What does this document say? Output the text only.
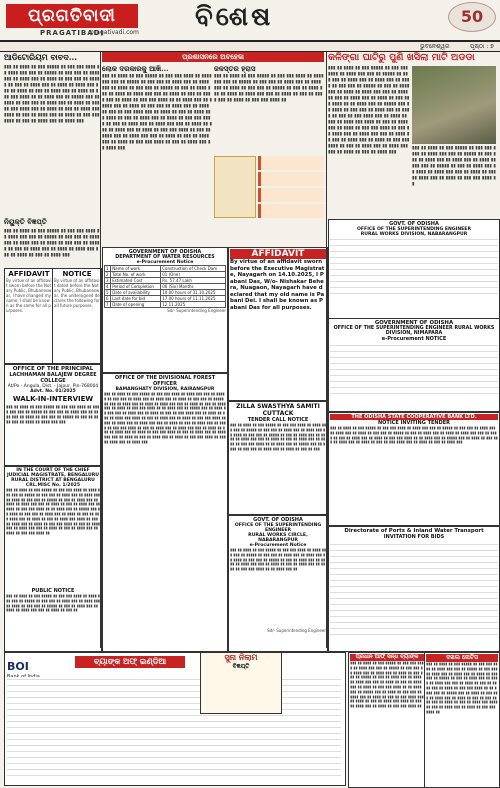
ପ୍ରଗତିବାଦୀ
PRAGATIBADI
pragativadi.com
ବିଶେଷ	50
ଭୁବନେଶ୍ୱର	ପୃଷ୍ଠା : ୭
ଆଡିଟୋରିୟମ ବାବଦ...
▮▮▮ ▮▮ ▮▮▮▮ ▮▮ ▮▮▮ ▮▮▮▮▮ ▮▮ ▮▮▮ ▮▮▮ ▮▮▮▮ ▮▮ ▮▮▮▮ ▮▮▮ ▮▮▮ ▮▮ ▮▮▮▮▮ ▮▮ ▮▮▮ ▮▮▮ ▮▮ ▮▮▮▮ ▮▮▮ ▮▮ ▮▮▮▮ ▮▮▮ ▮▮ ▮▮▮▮ ▮▮ ▮▮▮ ▮▮▮ ▮▮ ▮▮▮▮▮ ▮▮ ▮▮▮ ▮▮ ▮▮▮▮ ▮▮▮ ▮▮ ▮▮▮▮ ▮▮ ▮▮▮▮ ▮▮▮ ▮▮▮ ▮▮ ▮▮▮▮ ▮▮ ▮▮▮ ▮▮ ▮▮▮▮ ▮▮▮ ▮▮ ▮▮▮▮ ▮▮ ▮▮▮ ▮▮▮ ▮▮▮▮ ▮▮ ▮▮ ▮▮▮▮ ▮▮▮ ▮▮ ▮▮▮▮▮ ▮▮▮ ▮▮ ▮▮▮▮ ▮▮ ▮▮▮ ▮▮▮ ▮▮ ▮▮▮▮ ▮▮▮ ▮▮ ▮▮▮▮ ▮▮ ▮▮▮ ▮▮ ▮▮▮ ▮▮▮▮ ▮▮▮ ▮▮ ▮▮▮▮ ▮▮ ▮▮▮ ▮▮ ▮▮▮▮ ▮▮▮ ▮▮▮▮ ▮▮ ▮▮▮ ▮▮ ▮▮▮▮ ▮▮▮ ▮▮ ▮▮▮▮ ▮▮ ▮▮▮ ▮▮▮ ▮▮▮▮ ▮▮ ▮▮▮ ▮▮ ▮▮▮▮ ▮▮▮ ▮▮ ▮▮▮▮ ▮▮▮
ନିୟୁକ୍ତି ବିଜ୍ଞପ୍ତି
▮▮▮ ▮▮ ▮▮▮▮ ▮▮ ▮▮▮ ▮▮▮▮▮ ▮▮ ▮▮▮ ▮▮▮ ▮▮▮▮ ▮▮ ▮▮▮▮ ▮▮▮ ▮▮▮ ▮▮ ▮▮▮▮▮ ▮▮ ▮▮▮ ▮▮▮ ▮▮ ▮▮▮▮ ▮▮▮ ▮▮ ▮▮▮▮ ▮▮▮ ▮▮ ▮▮▮▮ ▮▮ ▮▮▮ ▮▮▮ ▮▮ ▮▮▮▮▮ ▮▮ ▮▮▮ ▮▮ ▮▮▮▮ ▮▮▮ ▮▮ ▮▮▮▮ ▮▮ ▮▮▮▮ ▮▮▮ ▮▮▮ ▮▮ ▮▮▮▮ ▮▮ ▮▮▮ ▮▮ ▮▮▮▮ ▮▮▮
AFFIDAVIT
By virtue of an affidavit sworn before the Notary Public, Bhubaneswar, I have changed my name. I shall be known as the same for all purposes.
NOTICE
By virtue of an affidavit dated before the Notary Public, Bhubaneswar, the undersigned declares the following for all future purposes.
OFFICE OF THE PRINCIPAL
LACHHAMAN BALAJEW DEGREE COLLEGE
At/Po - Angula, Dist. - Jajpur, Pin-768004
Advt. No. 01/2025
WALK-IN-INTERVIEW
▮▮▮ ▮▮ ▮▮▮▮ ▮▮ ▮▮▮ ▮▮▮▮▮ ▮▮ ▮▮▮ ▮▮▮ ▮▮▮▮ ▮▮ ▮▮▮▮ ▮▮▮ ▮▮▮ ▮▮ ▮▮▮▮▮ ▮▮ ▮▮▮ ▮▮▮ ▮▮ ▮▮▮▮ ▮▮▮ ▮▮ ▮▮▮▮ ▮▮▮ ▮▮ ▮▮▮▮ ▮▮ ▮▮▮ ▮▮▮ ▮▮ ▮▮▮▮▮ ▮▮ ▮▮▮ ▮▮ ▮▮▮▮ ▮▮▮ ▮▮ ▮▮▮▮ ▮▮ ▮▮▮▮ ▮▮▮ ▮▮▮
IN THE COURT OF THE CHIEF JUDICIAL MAGISTRATE, BENGALURU RURAL DISTRICT AT BENGALURU
CRL.MISC No. 1/2025
▮▮▮ ▮▮ ▮▮▮▮ ▮▮ ▮▮▮ ▮▮▮▮▮ ▮▮ ▮▮▮ ▮▮▮ ▮▮▮▮ ▮▮ ▮▮▮▮ ▮▮▮ ▮▮▮ ▮▮ ▮▮▮▮▮ ▮▮ ▮▮▮ ▮▮▮ ▮▮ ▮▮▮▮ ▮▮▮ ▮▮ ▮▮▮▮ ▮▮▮ ▮▮ ▮▮▮▮ ▮▮ ▮▮▮ ▮▮▮ ▮▮ ▮▮▮▮▮ ▮▮ ▮▮▮ ▮▮ ▮▮▮▮ ▮▮▮ ▮▮ ▮▮▮▮ ▮▮ ▮▮▮▮ ▮▮▮ ▮▮▮ ▮▮ ▮▮▮▮ ▮▮ ▮▮▮ ▮▮ ▮▮▮▮ ▮▮▮ ▮▮ ▮▮▮▮ ▮▮ ▮▮▮ ▮▮▮ ▮▮▮▮ ▮▮ ▮▮ ▮▮▮▮ ▮▮▮ ▮▮ ▮▮▮▮▮ ▮▮▮ ▮▮ ▮▮▮▮ ▮▮ ▮▮▮ ▮▮▮ ▮▮ ▮▮▮▮ ▮▮▮ ▮▮ ▮▮▮▮ ▮▮ ▮▮▮ ▮▮ ▮▮▮ ▮▮▮▮ ▮▮▮ ▮▮ ▮▮▮▮ ▮▮ ▮▮▮ ▮▮ ▮▮▮▮ ▮▮▮ ▮▮▮▮ ▮▮ ▮▮▮ ▮▮ ▮▮▮▮ ▮▮▮ ▮▮ ▮▮▮▮ ▮▮ ▮▮▮ ▮▮▮ ▮▮▮▮ ▮▮ ▮▮▮ ▮▮ ▮▮▮▮ ▮▮▮ ▮▮ ▮▮▮▮ ▮▮▮ ▮▮▮ ▮▮ ▮▮▮▮ ▮▮ ▮▮▮ ▮▮ ▮▮▮▮ ▮▮▮ ▮▮ ▮▮▮▮ ▮▮ ▮▮▮ ▮▮▮ ▮▮▮▮ ▮▮
PUBLIC NOTICE
▮▮▮ ▮▮ ▮▮▮▮ ▮▮ ▮▮▮ ▮▮▮▮▮ ▮▮ ▮▮▮ ▮▮▮ ▮▮▮▮ ▮▮ ▮▮▮▮ ▮▮▮ ▮▮▮ ▮▮ ▮▮▮▮▮ ▮▮ ▮▮▮ ▮▮▮ ▮▮ ▮▮▮▮ ▮▮▮ ▮▮ ▮▮▮▮ ▮▮▮ ▮▮ ▮▮▮▮ ▮▮ ▮▮▮ ▮▮▮ ▮▮ ▮▮▮▮▮ ▮▮ ▮▮▮ ▮▮ ▮▮▮▮ ▮▮▮ ▮▮ ▮▮▮▮ ▮▮ ▮▮▮▮ ▮▮▮ ▮▮▮ ▮▮ ▮▮▮▮ ▮▮ ▮▮▮ ▮▮
BOI	ବ୍ୟାଙ୍କ ଅଫ୍ ଇଣ୍ଡିଆ	ସୁନା ନିଲାମ
ବିଜ୍ଞପ୍ତି
ପ୍ରଶାସନରେ ଅବହେଳା
ଲୋକ ଦରକାରକୁ ଆଖି...
▮▮▮ ▮▮ ▮▮▮▮ ▮▮ ▮▮▮ ▮▮▮▮▮ ▮▮ ▮▮▮ ▮▮▮ ▮▮▮▮ ▮▮ ▮▮▮▮ ▮▮▮ ▮▮▮ ▮▮ ▮▮▮▮▮ ▮▮ ▮▮▮ ▮▮▮ ▮▮ ▮▮▮▮ ▮▮▮ ▮▮ ▮▮▮▮ ▮▮▮ ▮▮ ▮▮▮▮ ▮▮ ▮▮▮ ▮▮▮ ▮▮ ▮▮▮▮▮ ▮▮ ▮▮▮ ▮▮ ▮▮▮▮ ▮▮▮ ▮▮ ▮▮▮▮ ▮▮ ▮▮▮▮ ▮▮▮ ▮▮▮ ▮▮ ▮▮▮▮ ▮▮ ▮▮▮ ▮▮ ▮▮▮▮ ▮▮▮ ▮▮ ▮▮▮▮ ▮▮ ▮▮▮ ▮▮▮ ▮▮▮▮ ▮▮ ▮▮ ▮▮▮▮ ▮▮▮ ▮▮ ▮▮▮▮▮ ▮▮▮ ▮▮ ▮▮▮▮ ▮▮ ▮▮▮ ▮▮▮ ▮▮ ▮▮▮▮ ▮▮▮ ▮▮ ▮▮▮▮ ▮▮ ▮▮▮ ▮▮ ▮▮▮ ▮▮▮▮ ▮▮▮ ▮▮ ▮▮▮▮ ▮▮ ▮▮▮ ▮▮ ▮▮▮▮ ▮▮▮ ▮▮▮▮ ▮▮ ▮▮▮ ▮▮ ▮▮▮▮ ▮▮▮ ▮▮ ▮▮▮▮ ▮▮ ▮▮▮ ▮▮▮ ▮▮▮▮ ▮▮ ▮▮▮ ▮▮ ▮▮▮▮ ▮▮▮ ▮▮ ▮▮▮▮ ▮▮▮ ▮▮▮ ▮▮ ▮▮▮▮ ▮▮ ▮▮▮ ▮▮ ▮▮▮▮ ▮▮▮ ▮▮ ▮▮▮▮ ▮▮ ▮▮▮ ▮▮▮ ▮▮▮▮ ▮▮ ▮▮▮ ▮▮ ▮▮▮▮ ▮▮▮ ▮▮ ▮▮▮▮ ▮▮▮ ▮▮▮ ▮▮ ▮▮▮▮ ▮▮ ▮▮▮ ▮▮ ▮▮▮▮ ▮▮▮ ▮▮ ▮▮▮▮ ▮▮ ▮▮▮ ▮▮▮ ▮▮▮▮ ▮▮ ▮▮▮ ▮▮ ▮▮▮▮ ▮▮▮ ▮▮ ▮▮▮▮ ▮▮▮
ଜଳସ୍ତର ହ୍ରାସ
▮▮▮ ▮▮ ▮▮▮▮ ▮▮ ▮▮▮ ▮▮▮▮▮ ▮▮ ▮▮▮ ▮▮▮ ▮▮▮▮ ▮▮ ▮▮▮▮ ▮▮▮ ▮▮▮ ▮▮ ▮▮▮▮▮ ▮▮ ▮▮▮ ▮▮▮ ▮▮ ▮▮▮▮ ▮▮▮ ▮▮ ▮▮▮▮ ▮▮▮ ▮▮ ▮▮▮▮ ▮▮ ▮▮▮ ▮▮▮ ▮▮ ▮▮▮▮▮ ▮▮ ▮▮▮ ▮▮ ▮▮▮▮ ▮▮▮ ▮▮ ▮▮▮▮ ▮▮ ▮▮▮▮ ▮▮▮ ▮▮▮ ▮▮ ▮▮▮▮ ▮▮ ▮▮▮ ▮▮ ▮▮▮▮ ▮▮▮ ▮▮ ▮▮▮▮ ▮▮ ▮▮▮ ▮▮▮ ▮▮▮▮ ▮▮
GOVERNMENT OF ODISHA
DEPARTMENT OF WATER RESOURCES
e-Procurement Notice
1	Name of work	Construction of Check Dam
2	Total No. of work	01 (One)
3	Estimated Cost	Rs. 57.47 Lakh
4	Period of Completion	06 (Six) Months
5	Date of availability	10.00 hours of 31.10.2025
6	Last date for bid	17.00 hours of 11.11.2025
7	Date of opening	12.11.2025
Sd/- Superintending Engineer
OFFICE OF THE DIVISIONAL FOREST OFFICER
BAMANGHATY DIVISION, RAIRANGPUR
▮▮▮ ▮▮ ▮▮▮▮ ▮▮ ▮▮▮ ▮▮▮▮▮ ▮▮ ▮▮▮ ▮▮▮ ▮▮▮▮ ▮▮ ▮▮▮▮ ▮▮▮ ▮▮▮ ▮▮ ▮▮▮▮▮ ▮▮ ▮▮▮ ▮▮▮ ▮▮ ▮▮▮▮ ▮▮▮ ▮▮ ▮▮▮▮ ▮▮▮ ▮▮ ▮▮▮▮ ▮▮ ▮▮▮ ▮▮▮ ▮▮ ▮▮▮▮▮ ▮▮ ▮▮▮ ▮▮ ▮▮▮▮ ▮▮▮ ▮▮ ▮▮▮▮ ▮▮ ▮▮▮▮ ▮▮▮ ▮▮▮ ▮▮ ▮▮▮▮ ▮▮ ▮▮▮ ▮▮ ▮▮▮▮ ▮▮▮ ▮▮ ▮▮▮▮ ▮▮ ▮▮▮ ▮▮▮ ▮▮▮▮ ▮▮ ▮▮ ▮▮▮▮ ▮▮▮ ▮▮ ▮▮▮▮▮ ▮▮▮ ▮▮ ▮▮▮▮ ▮▮ ▮▮▮ ▮▮▮ ▮▮ ▮▮▮▮ ▮▮▮ ▮▮ ▮▮▮▮ ▮▮ ▮▮▮ ▮▮ ▮▮▮ ▮▮▮▮ ▮▮▮ ▮▮ ▮▮▮▮ ▮▮ ▮▮▮ ▮▮ ▮▮▮▮ ▮▮▮ ▮▮▮▮ ▮▮ ▮▮▮ ▮▮ ▮▮▮▮ ▮▮▮ ▮▮ ▮▮▮▮ ▮▮ ▮▮▮ ▮▮▮ ▮▮▮▮ ▮▮ ▮▮▮ ▮▮ ▮▮▮▮ ▮▮▮ ▮▮ ▮▮▮▮ ▮▮▮ ▮▮▮ ▮▮ ▮▮▮▮ ▮▮ ▮▮▮ ▮▮ ▮▮▮▮ ▮▮▮ ▮▮ ▮▮▮▮ ▮▮ ▮▮▮ ▮▮▮ ▮▮▮▮ ▮▮ ▮▮▮ ▮▮ ▮▮▮▮ ▮▮▮ ▮▮ ▮▮▮▮ ▮▮▮ ▮▮▮ ▮▮ ▮▮▮▮ ▮▮ ▮▮▮ ▮▮ ▮▮▮▮ ▮▮▮ ▮▮ ▮▮▮▮ ▮▮ ▮▮▮ ▮▮▮ ▮▮▮▮ ▮▮ ▮▮▮ ▮▮ ▮▮▮▮ ▮▮▮ ▮▮ ▮▮▮▮ ▮▮▮ ▮▮▮ ▮▮ ▮▮▮▮ ▮▮ ▮▮▮ ▮▮ ▮▮▮▮ ▮▮▮ ▮▮ ▮▮▮▮ ▮▮ ▮▮▮ ▮▮▮ ▮▮▮▮ ▮▮ ▮▮▮ ▮▮ ▮▮▮▮ ▮▮▮ ▮▮ ▮▮▮▮ ▮▮▮
AFFIDAVIT
By virtue of an affidavit sworn before the Executive Magistrate, Nayagarh on 14.10.2025, I Pabani Das, W/o- Nishakar Behera, Nuagaon, Nayagarh have declared that my old name is Pabani Dei. I shall be known as Pabani Das for all purposes.
ZILLA SWASTHYA SAMITI CUTTACK
TENDER CALL NOTICE
▮▮▮ ▮▮ ▮▮▮▮ ▮▮ ▮▮▮ ▮▮▮▮▮ ▮▮ ▮▮▮ ▮▮▮ ▮▮▮▮ ▮▮ ▮▮▮▮ ▮▮▮ ▮▮▮ ▮▮ ▮▮▮▮▮ ▮▮ ▮▮▮ ▮▮▮ ▮▮ ▮▮▮▮ ▮▮▮ ▮▮ ▮▮▮▮ ▮▮▮ ▮▮ ▮▮▮▮ ▮▮ ▮▮▮ ▮▮▮ ▮▮ ▮▮▮▮▮ ▮▮ ▮▮▮ ▮▮ ▮▮▮▮ ▮▮▮ ▮▮ ▮▮▮▮ ▮▮ ▮▮▮▮ ▮▮▮ ▮▮▮ ▮▮ ▮▮▮▮ ▮▮ ▮▮▮ ▮▮ ▮▮▮▮ ▮▮▮ ▮▮ ▮▮▮▮ ▮▮ ▮▮▮ ▮▮▮ ▮▮▮▮ ▮▮ ▮▮ ▮▮▮▮ ▮▮▮ ▮▮ ▮▮▮▮▮ ▮▮▮ ▮▮ ▮▮▮▮ ▮▮ ▮▮▮ ▮▮▮ ▮▮ ▮▮▮▮ ▮▮▮ ▮▮ ▮▮▮▮ ▮▮ ▮▮▮ ▮▮ ▮▮▮
GOVT. OF ODISHA
OFFICE OF THE SUPERINTENDING ENGINEER
RURAL WORKS CIRCLE, NABARANGPUR
e-Procurement Notice
▮▮▮ ▮▮ ▮▮▮▮ ▮▮ ▮▮▮ ▮▮▮▮▮ ▮▮ ▮▮▮ ▮▮▮ ▮▮▮▮ ▮▮ ▮▮▮▮ ▮▮▮ ▮▮▮ ▮▮ ▮▮▮▮▮ ▮▮ ▮▮▮ ▮▮▮ ▮▮ ▮▮▮▮ ▮▮▮ ▮▮ ▮▮▮▮ ▮▮▮ ▮▮ ▮▮▮▮ ▮▮ ▮▮▮ ▮▮▮ ▮▮ ▮▮▮▮▮ ▮▮ ▮▮▮ ▮▮ ▮▮▮▮ ▮▮▮ ▮▮ ▮▮▮▮ ▮▮ ▮▮▮▮ ▮▮▮ ▮▮▮ ▮▮ ▮▮▮▮ ▮▮ ▮▮▮ ▮▮ ▮▮▮▮ ▮▮▮ ▮▮ ▮▮▮▮ ▮▮ ▮▮▮ ▮▮▮ ▮▮▮▮ ▮▮ ▮▮ ▮▮▮▮ ▮▮▮ ▮▮
Sd/- Superintending Engineer
କଳିଙ୍ଗା ଘାଟିରୁ ପୁଣି ଖସିଲା ମାଟି ଅଡଡା
▮▮▮ ▮▮ ▮▮▮▮ ▮▮ ▮▮▮ ▮▮▮▮▮ ▮▮ ▮▮▮ ▮▮▮ ▮▮▮▮ ▮▮ ▮▮▮▮ ▮▮▮ ▮▮▮ ▮▮ ▮▮▮▮▮ ▮▮ ▮▮▮ ▮▮▮ ▮▮ ▮▮▮▮ ▮▮▮ ▮▮ ▮▮▮▮ ▮▮▮ ▮▮ ▮▮▮▮ ▮▮ ▮▮▮ ▮▮▮ ▮▮ ▮▮▮▮▮ ▮▮ ▮▮▮ ▮▮ ▮▮▮▮ ▮▮▮ ▮▮ ▮▮▮▮ ▮▮ ▮▮▮▮ ▮▮▮ ▮▮▮ ▮▮ ▮▮▮▮ ▮▮ ▮▮▮ ▮▮ ▮▮▮▮ ▮▮▮ ▮▮ ▮▮▮▮ ▮▮ ▮▮▮ ▮▮▮ ▮▮▮▮ ▮▮ ▮▮ ▮▮▮▮ ▮▮▮ ▮▮ ▮▮▮▮▮ ▮▮▮ ▮▮ ▮▮▮▮ ▮▮ ▮▮▮ ▮▮▮ ▮▮ ▮▮▮▮ ▮▮▮ ▮▮ ▮▮▮▮ ▮▮ ▮▮▮ ▮▮ ▮▮▮ ▮▮▮▮ ▮▮▮ ▮▮ ▮▮▮▮ ▮▮ ▮▮▮ ▮▮ ▮▮▮▮ ▮▮▮ ▮▮▮▮ ▮▮ ▮▮▮ ▮▮ ▮▮▮▮ ▮▮▮ ▮▮ ▮▮▮▮ ▮▮ ▮▮▮ ▮▮▮ ▮▮▮▮ ▮▮ ▮▮▮ ▮▮ ▮▮▮▮ ▮▮▮ ▮▮ ▮▮▮▮ ▮▮▮ ▮▮▮ ▮▮ ▮▮▮▮ ▮▮ ▮▮▮ ▮▮ ▮▮▮▮ ▮▮▮ ▮▮ ▮▮▮▮ ▮▮ ▮▮▮ ▮▮▮ ▮▮▮▮ ▮▮ ▮▮▮ ▮▮ ▮▮▮▮ ▮▮▮ ▮▮ ▮▮▮▮ ▮▮▮ ▮▮▮ ▮▮ ▮▮▮▮ ▮▮ ▮▮▮ ▮▮ ▮▮▮▮ ▮▮▮
▮▮▮ ▮▮ ▮▮▮▮ ▮▮ ▮▮▮ ▮▮▮▮▮ ▮▮ ▮▮▮ ▮▮▮ ▮▮▮▮ ▮▮ ▮▮▮▮ ▮▮▮ ▮▮▮ ▮▮ ▮▮▮▮▮ ▮▮ ▮▮▮ ▮▮▮ ▮▮ ▮▮▮▮ ▮▮▮ ▮▮ ▮▮▮▮ ▮▮▮ ▮▮ ▮▮▮▮ ▮▮ ▮▮▮ ▮▮▮ ▮▮ ▮▮▮▮▮ ▮▮ ▮▮▮ ▮▮ ▮▮▮▮ ▮▮▮ ▮▮ ▮▮▮▮ ▮▮ ▮▮▮▮ ▮▮▮ ▮▮▮ ▮▮ ▮▮▮▮ ▮▮ ▮▮▮ ▮▮ ▮▮▮▮ ▮▮▮ ▮▮ ▮▮▮▮ ▮▮ ▮▮▮ ▮▮▮ ▮▮▮▮ ▮▮
GOVT. OF ODISHA
OFFICE OF THE SUPERINTENDING ENGINEER
RURAL WORKS DIVISION, NABARANGPUR
GOVERNMENT OF ODISHA
OFFICE OF THE SUPERINTENDING ENGINEER RURAL WORKS DIVISION, NIMAPARA
e-Procurement NOTICE
THE ODISHA STATE COOPERATIVE BANK LTD.
NOTICE INVITING TENDER
▮▮▮ ▮▮ ▮▮▮▮ ▮▮ ▮▮▮ ▮▮▮▮▮ ▮▮ ▮▮▮ ▮▮▮ ▮▮▮▮ ▮▮ ▮▮▮▮ ▮▮▮ ▮▮▮ ▮▮ ▮▮▮▮▮ ▮▮ ▮▮▮ ▮▮▮ ▮▮ ▮▮▮▮ ▮▮▮ ▮▮ ▮▮▮▮ ▮▮▮ ▮▮ ▮▮▮▮ ▮▮ ▮▮▮ ▮▮▮ ▮▮ ▮▮▮▮▮ ▮▮ ▮▮▮ ▮▮ ▮▮▮▮ ▮▮▮ ▮▮ ▮▮▮▮ ▮▮ ▮▮▮▮ ▮▮▮ ▮▮▮ ▮▮ ▮▮▮▮ ▮▮ ▮▮▮ ▮▮ ▮▮▮▮ ▮▮▮ ▮▮ ▮▮▮▮ ▮▮ ▮▮▮ ▮▮▮ ▮▮▮▮ ▮▮ ▮▮ ▮▮▮▮ ▮▮▮ ▮▮ ▮▮▮▮▮ ▮▮▮ ▮▮ ▮▮▮▮ ▮▮ ▮▮▮ ▮▮▮ ▮▮ ▮▮▮▮ ▮▮▮ ▮▮ ▮▮▮▮ ▮▮ ▮▮▮ ▮▮ ▮▮▮ ▮▮▮▮ ▮▮▮ ▮▮ ▮▮▮▮ ▮▮ ▮▮▮ ▮▮ ▮▮▮▮ ▮▮▮
Directorate of Ports & Inland Water Transport
INVITATION FOR BIDS
ପ୍ରଧାନ ଆଫ୍ ସିନ୍ଧ ବ୍ୟାଙ୍କ
▮▮▮ ▮▮ ▮▮▮▮ ▮▮ ▮▮▮ ▮▮▮▮▮ ▮▮ ▮▮▮ ▮▮▮ ▮▮▮▮ ▮▮ ▮▮▮▮ ▮▮▮ ▮▮▮ ▮▮ ▮▮▮▮▮ ▮▮ ▮▮▮ ▮▮▮ ▮▮ ▮▮▮▮ ▮▮▮ ▮▮ ▮▮▮▮ ▮▮▮ ▮▮ ▮▮▮▮ ▮▮ ▮▮▮ ▮▮▮ ▮▮ ▮▮▮▮▮ ▮▮ ▮▮▮ ▮▮ ▮▮▮▮ ▮▮▮ ▮▮ ▮▮▮▮ ▮▮ ▮▮▮▮ ▮▮▮ ▮▮▮ ▮▮ ▮▮▮▮ ▮▮ ▮▮▮ ▮▮ ▮▮▮▮ ▮▮▮ ▮▮ ▮▮▮▮ ▮▮ ▮▮▮ ▮▮▮ ▮▮▮▮ ▮▮ ▮▮ ▮▮▮▮ ▮▮▮ ▮▮ ▮▮▮▮▮ ▮▮▮ ▮▮ ▮▮▮▮ ▮▮ ▮▮▮ ▮▮▮ ▮▮ ▮▮▮▮ ▮▮▮ ▮▮ ▮▮▮▮ ▮▮ ▮▮▮ ▮▮ ▮▮▮ ▮▮▮▮ ▮▮▮ ▮▮ ▮▮▮▮ ▮▮ ▮▮▮ ▮▮ ▮▮▮▮ ▮▮▮ ▮▮▮▮ ▮▮ ▮▮▮ ▮▮ ▮▮▮▮ ▮▮▮ ▮▮ ▮▮▮▮ ▮▮ ▮▮▮ ▮▮▮ ▮▮▮▮ ▮▮
ଦଖଲ ନୋଟିସ
▮▮▮ ▮▮ ▮▮▮▮ ▮▮ ▮▮▮ ▮▮▮▮▮ ▮▮ ▮▮▮ ▮▮▮ ▮▮▮▮ ▮▮ ▮▮▮▮ ▮▮▮ ▮▮▮ ▮▮ ▮▮▮▮▮ ▮▮ ▮▮▮ ▮▮▮ ▮▮ ▮▮▮▮ ▮▮▮ ▮▮ ▮▮▮▮ ▮▮▮ ▮▮ ▮▮▮▮ ▮▮ ▮▮▮ ▮▮▮ ▮▮ ▮▮▮▮▮ ▮▮ ▮▮▮ ▮▮ ▮▮▮▮ ▮▮▮ ▮▮ ▮▮▮▮ ▮▮ ▮▮▮▮ ▮▮▮ ▮▮▮ ▮▮ ▮▮▮▮ ▮▮ ▮▮▮ ▮▮ ▮▮▮▮ ▮▮▮ ▮▮ ▮▮▮▮ ▮▮ ▮▮▮ ▮▮▮ ▮▮▮▮ ▮▮ ▮▮ ▮▮▮▮ ▮▮▮ ▮▮ ▮▮▮▮▮ ▮▮▮ ▮▮ ▮▮▮▮ ▮▮ ▮▮▮ ▮▮▮ ▮▮ ▮▮▮▮ ▮▮▮ ▮▮ ▮▮▮▮ ▮▮ ▮▮▮ ▮▮ ▮▮▮ ▮▮▮▮ ▮▮▮ ▮▮ ▮▮▮▮ ▮▮ ▮▮▮ ▮▮ ▮▮▮▮ ▮▮▮ ▮▮▮▮ ▮▮ ▮▮▮ ▮▮ ▮▮▮▮ ▮▮▮ ▮▮ ▮▮▮▮ ▮▮ ▮▮▮ ▮▮▮ ▮▮▮▮ ▮▮
